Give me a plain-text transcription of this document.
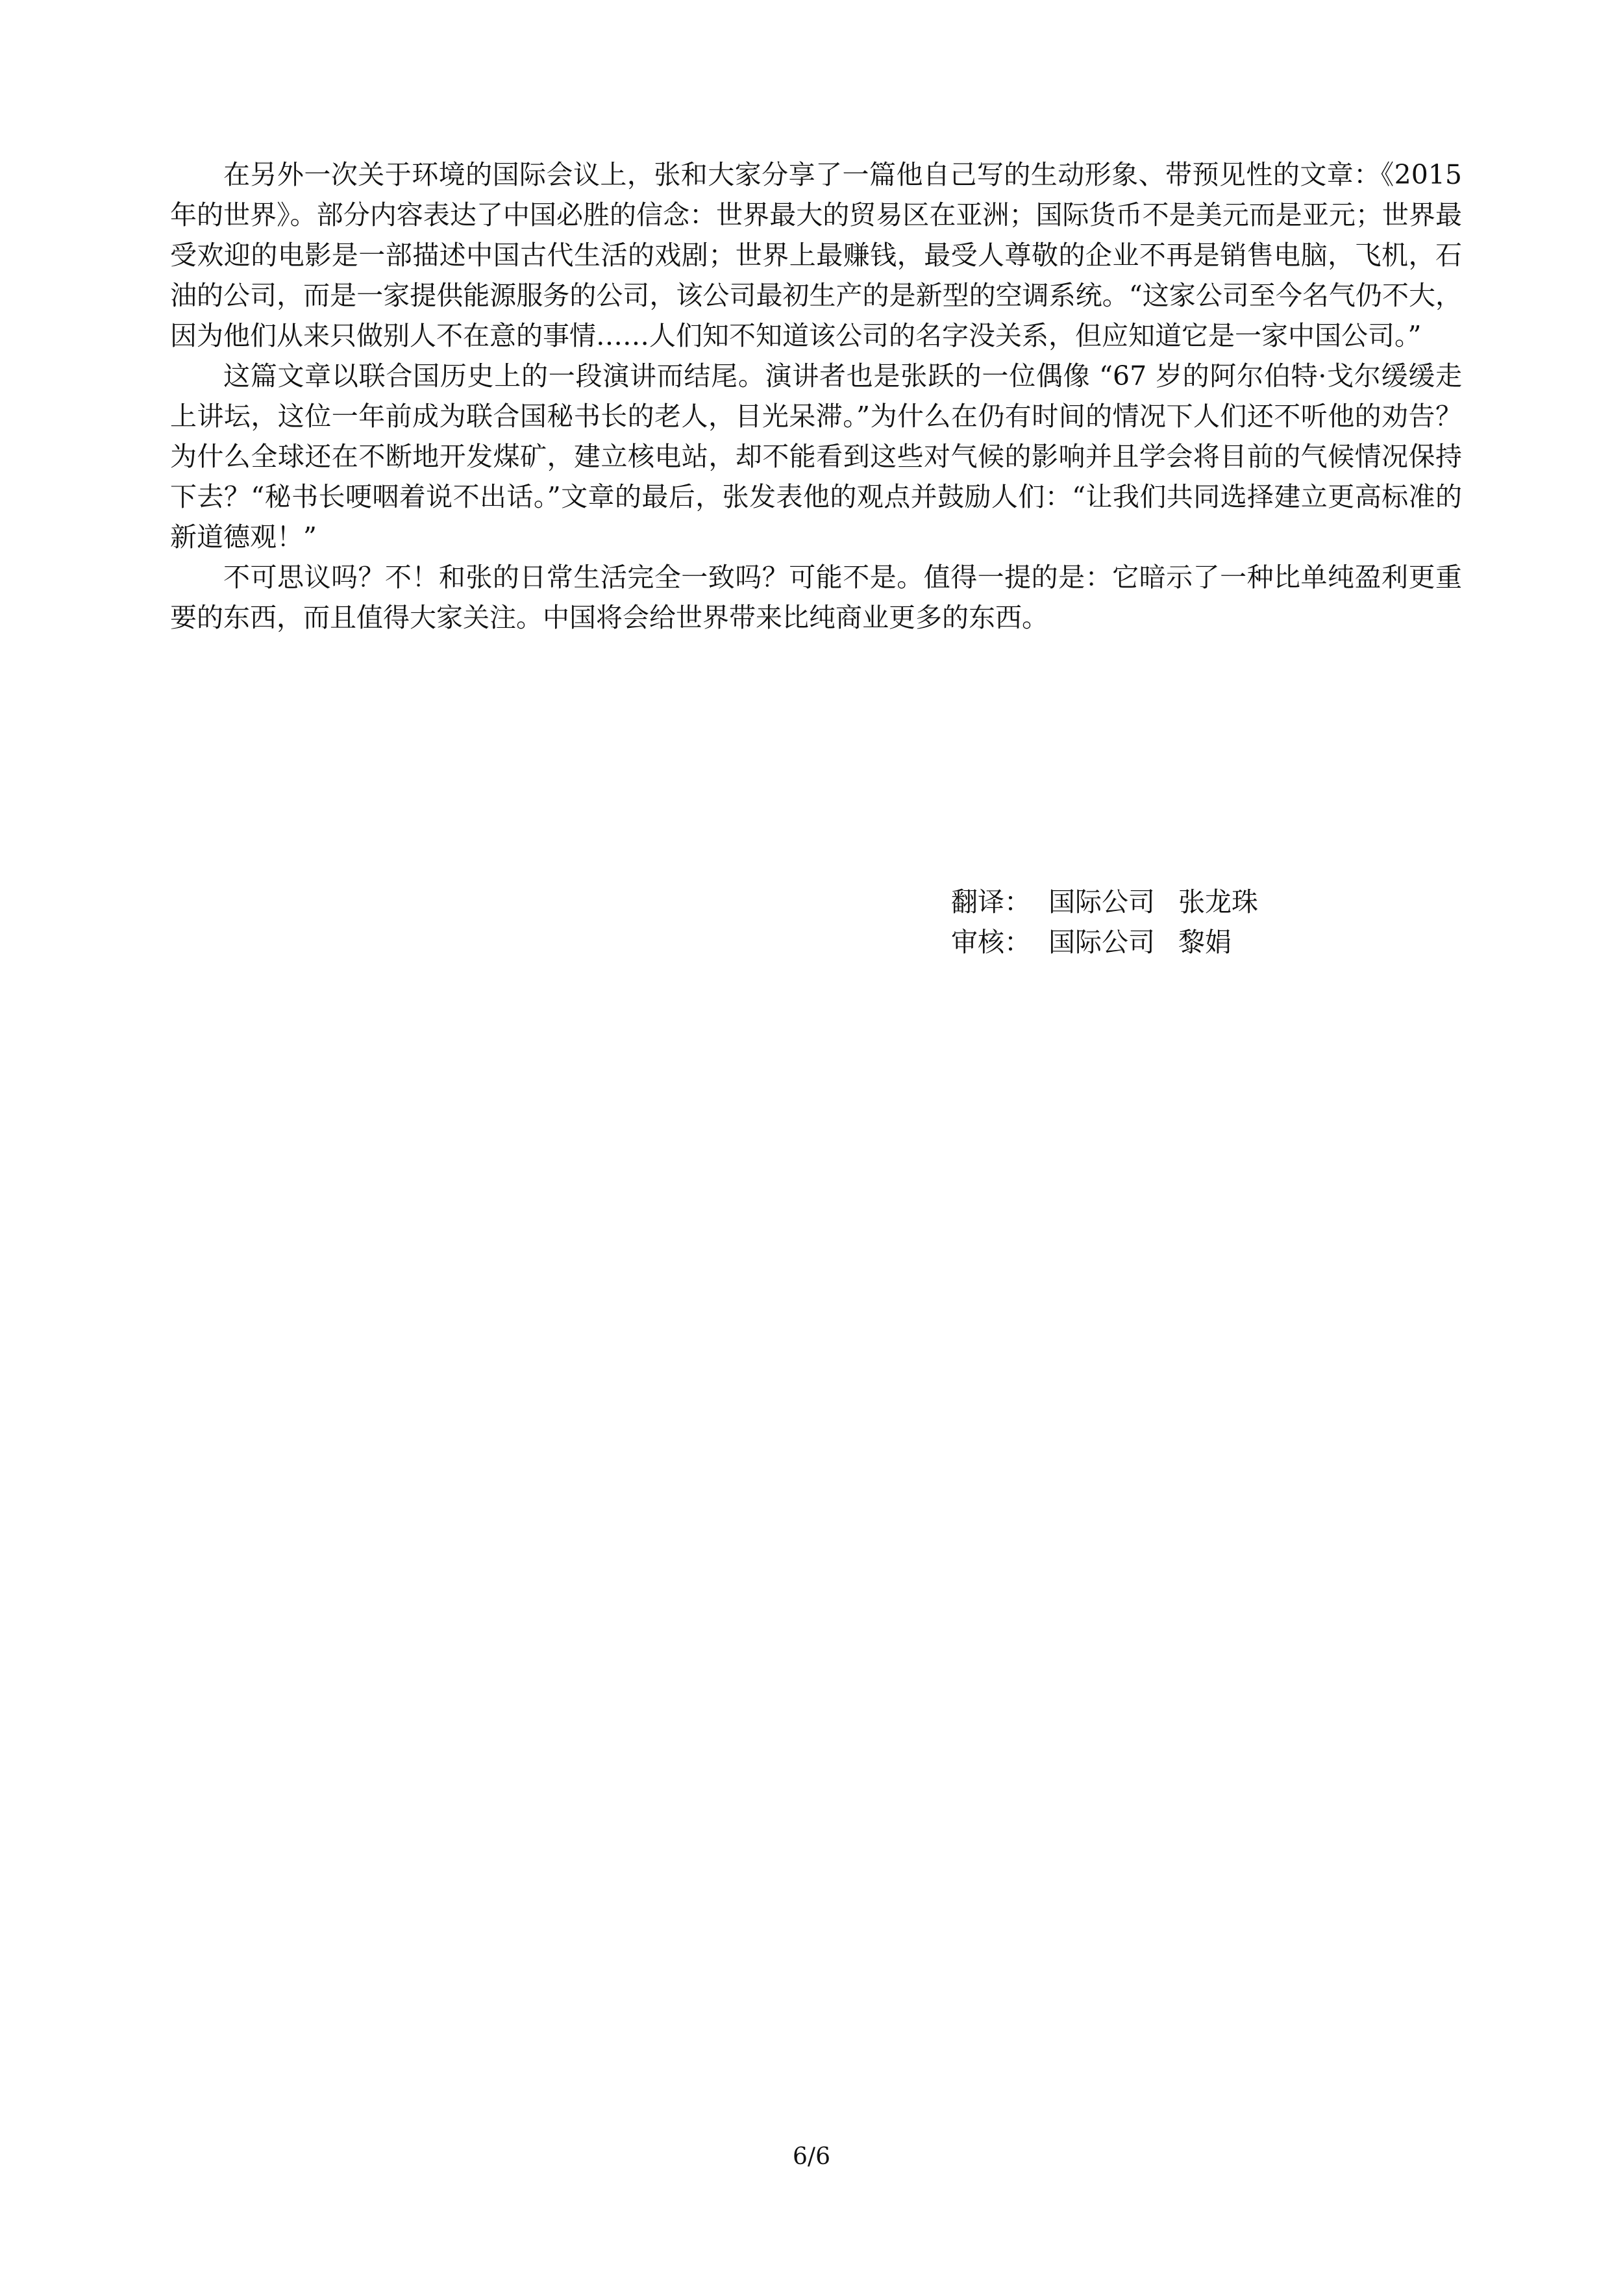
在另外一次关于环境的国际会议上，张和大家分享了一篇他自己写的生动形象、带预见性的文章：《2015 年的世界》。部分内容表达了中国必胜的信念：世界最大的贸易区在亚洲；国际货币不是美元而是亚元；世界最受欢迎的电影是一部描述中国古代生活的戏剧；世界上最赚钱，最受人尊敬的企业不再是销售电脑，飞机，石油的公司，而是一家提供能源服务的公司，该公司最初生产的是新型的空调系统。“这家公司至今名气仍不大，因为他们从来只做别人不在意的事情……人们知不知道该公司的名字没关系，但应知道它是一家中国公司。”

这篇文章以联合国历史上的一段演讲而结尾。演讲者也是张跃的一位偶像 “67 岁的阿尔伯特·戈尔缓缓走上讲坛，这位一年前成为联合国秘书长的老人，目光呆滞。”为什么在仍有时间的情况下人们还不听他的劝告？为什么全球还在不断地开发煤矿，建立核电站，却不能看到这些对气候的影响并且学会将目前的气候情况保持下去？“秘书长哽咽着说不出话。”文章的最后，张发表他的观点并鼓励人们：“让我们共同选择建立更高标准的新道德观！”

不可思议吗？不！和张的日常生活完全一致吗？可能不是。值得一提的是：它暗示了一种比单纯盈利更重要的东西，而且值得大家关注。中国将会给世界带来比纯商业更多的东西。

翻译： 国际公司 张龙珠
审核： 国际公司 黎娟
6/6
